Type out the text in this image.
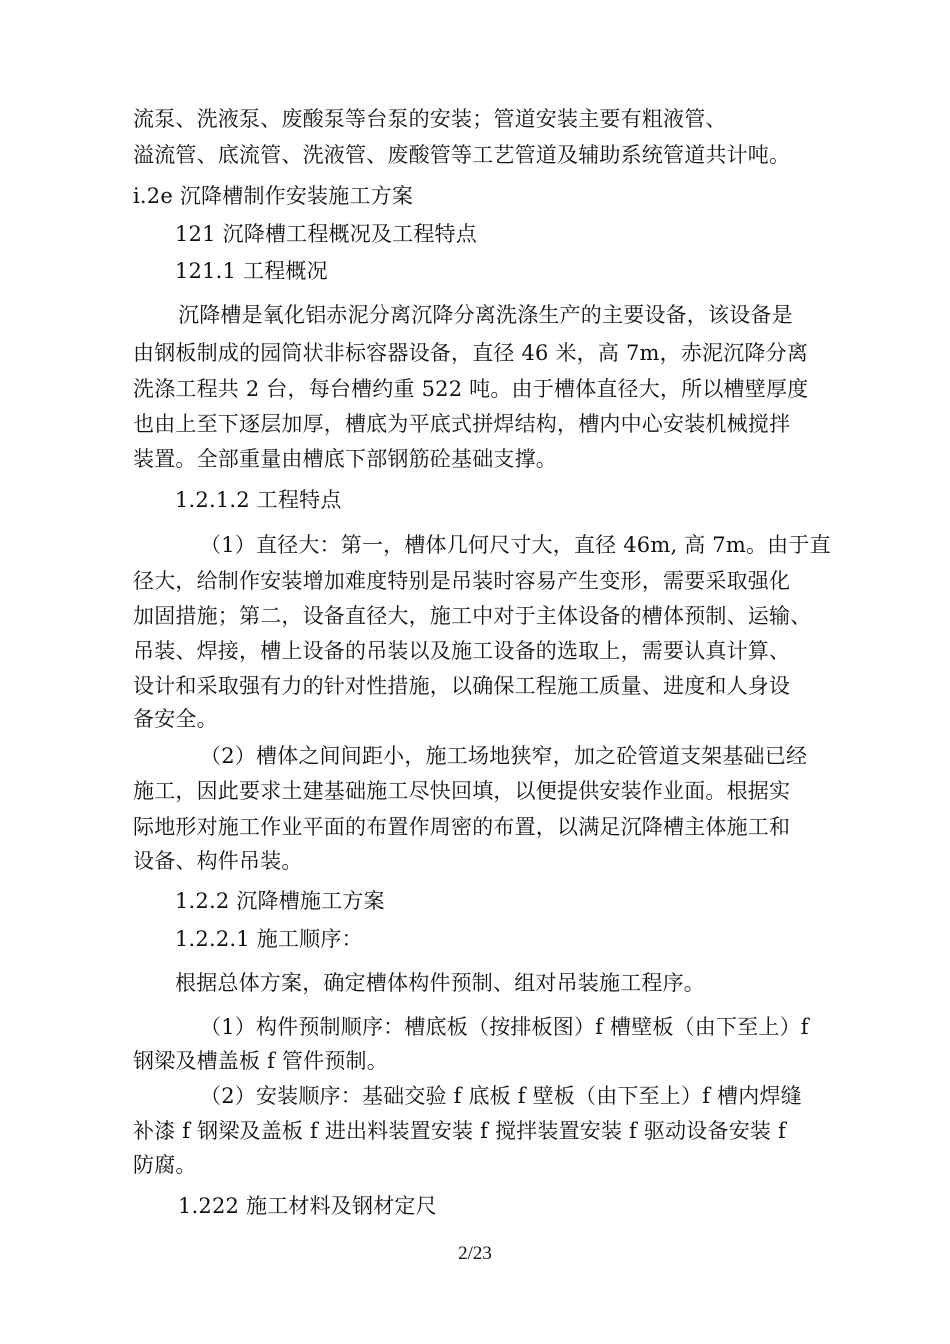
流泵、洗液泵、废酸泵等台泵的安装；管道安装主要有粗液管、
溢流管、底流管、洗液管、废酸管等工艺管道及辅助系统管道共计吨。
i.2e 沉降槽制作安装施工方案
121 沉降槽工程概况及工程特点
121.1 工程概况
沉降槽是氧化铝赤泥分离沉降分离洗涤生产的主要设备，该设备是
由钢板制成的园筒状非标容器设备，直径 46 米，高 7m，赤泥沉降分离
洗涤工程共 2 台，每台槽约重 522 吨。由于槽体直径大，所以槽壁厚度
也由上至下逐层加厚，槽底为平底式拼焊结构，槽内中心安装机械搅拌
装置。全部重量由槽底下部钢筋砼基础支撑。
1.2.1.2 工程特点
（1）直径大：第一，槽体几何尺寸大，直径 46m, 高 7m。由于直
径大，给制作安装增加难度特别是吊装时容易产生变形，需要采取强化
加固措施；第二，设备直径大，施工中对于主体设备的槽体预制、运输、
吊装、焊接，槽上设备的吊装以及施工设备的选取上，需要认真计算、
设计和采取强有力的针对性措施，以确保工程施工质量、进度和人身设
备安全。
（2）槽体之间间距小，施工场地狭窄，加之砼管道支架基础已经
施工，因此要求土建基础施工尽快回填，以便提供安装作业面。根据实
际地形对施工作业平面的布置作周密的布置，以满足沉降槽主体施工和
设备、构件吊装。
1.2.2 沉降槽施工方案
1.2.2.1 施工顺序：
根据总体方案，确定槽体构件预制、组对吊装施工程序。
（1）构件预制顺序：槽底板（按排板图）f 槽壁板（由下至上）f
钢梁及槽盖板 f 管件预制。
（2）安装顺序：基础交验 f 底板 f 壁板（由下至上）f 槽内焊缝
补漆 f 钢梁及盖板 f 进出料装置安装 f 搅拌装置安装 f 驱动设备安装 f
防腐。
1.222 施工材料及钢材定尺
2/23
